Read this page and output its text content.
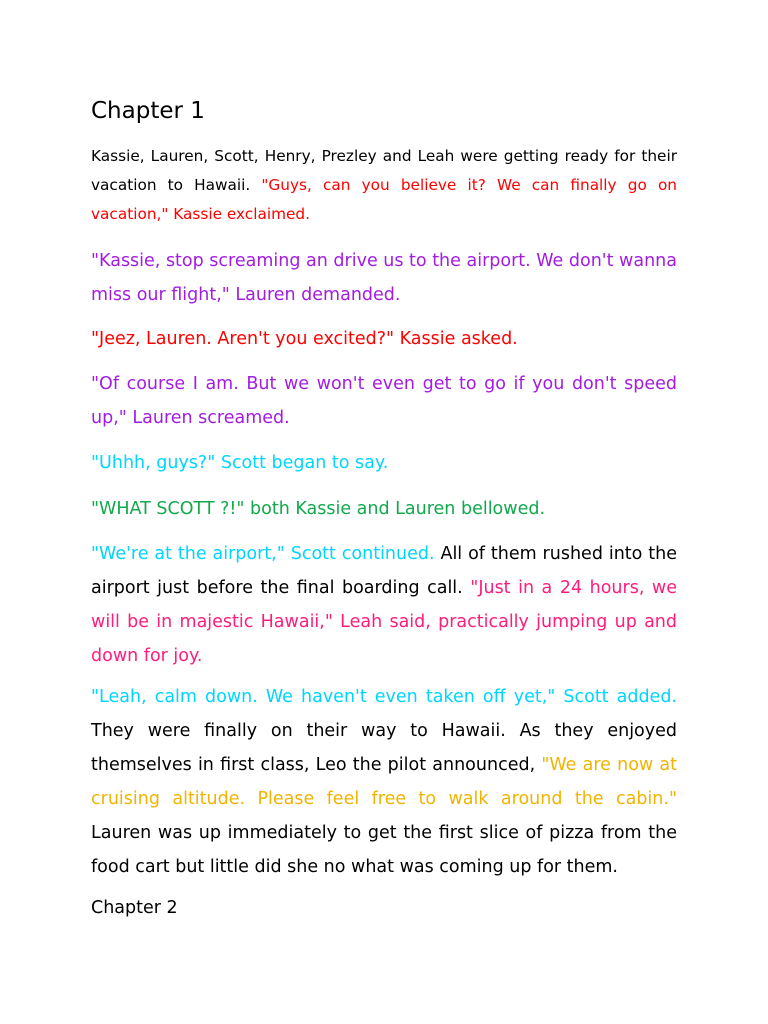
Chapter 1

Kassie, Lauren, Scott, Henry, Prezley and Leah were getting ready for their vacation to Hawaii. "Guys, can you believe it? We can finally go on vacation," Kassie exclaimed.

"Kassie, stop screaming an drive us to the airport. We don't wanna miss our flight," Lauren demanded.

"Jeez, Lauren. Aren't you excited?" Kassie asked.

"Of course I am. But we won't even get to go if you don't speed up," Lauren screamed.

"Uhhh, guys?" Scott began to say.

"WHAT SCOTT ?!" both Kassie and Lauren bellowed.

"We're at the airport," Scott continued. All of them rushed into the airport just before the final boarding call. "Just in a 24 hours, we will be in majestic Hawaii," Leah said, practically jumping up and down for joy.

"Leah, calm down. We haven't even taken off yet," Scott added. They were finally on their way to Hawaii. As they enjoyed themselves in first class, Leo the pilot announced, "We are now at cruising altitude. Please feel free to walk around the cabin." Lauren was up immediately to get the first slice of pizza from the food cart but little did she no what was coming up for them.

Chapter 2
